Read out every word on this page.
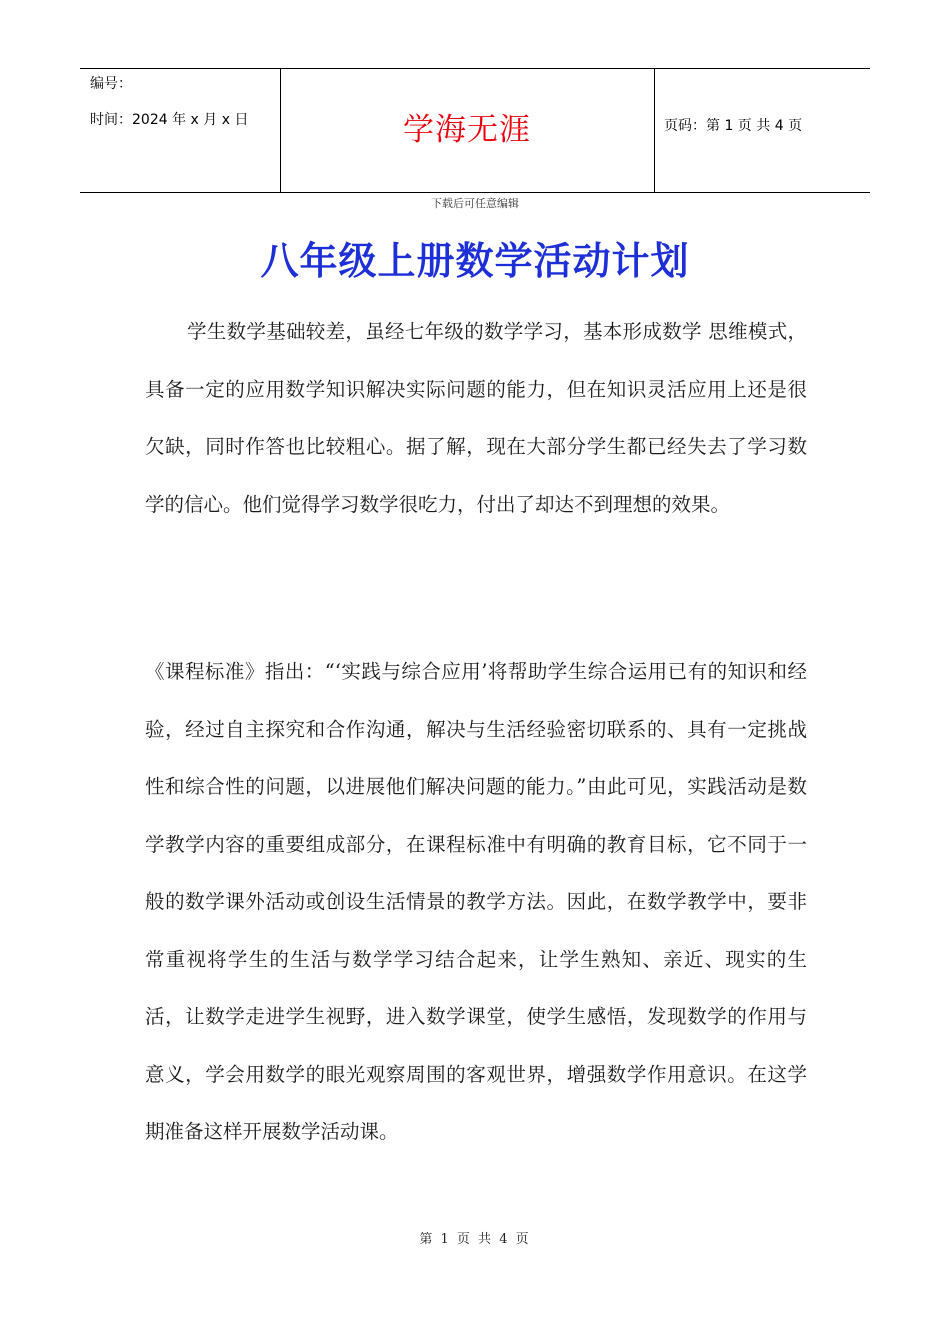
编号：
时间：2024 年 x 月 x 日	学海无涯	页码：第 1 页 共 4 页
下载后可任意编辑
八年级上册数学活动计划

学生数学基础较差，虽经七年级的数学学习，基本形成数学 思维模式，具备一定的应用数学知识解决实际问题的能力，但在知识灵活应用上还是很欠缺，同时作答也比较粗心。据了解，现在大部分学生都已经失去了学习数学的信心。他们觉得学习数学很吃力，付出了却达不到理想的效果。

《课程标准》指出：“‘实践与综合应用’将帮助学生综合运用已有的知识和经验，经过自主探究和合作沟通，解决与生活经验密切联系的、具有一定挑战性和综合性的问题，以进展他们解决问题的能力。”由此可见，实践活动是数学教学内容的重要组成部分，在课程标准中有明确的教育目标，它不同于一般的数学课外活动或创设生活情景的教学方法。因此，在数学教学中，要非常重视将学生的生活与数学学习结合起来，让学生熟知、亲近、现实的生活，让数学走进学生视野，进入数学课堂，使学生感悟，发现数学的作用与意义，学会用数学的眼光观察周围的客观世界，增强数学作用意识。在这学期准备这样开展数学活动课。

第 1 页 共 4 页
